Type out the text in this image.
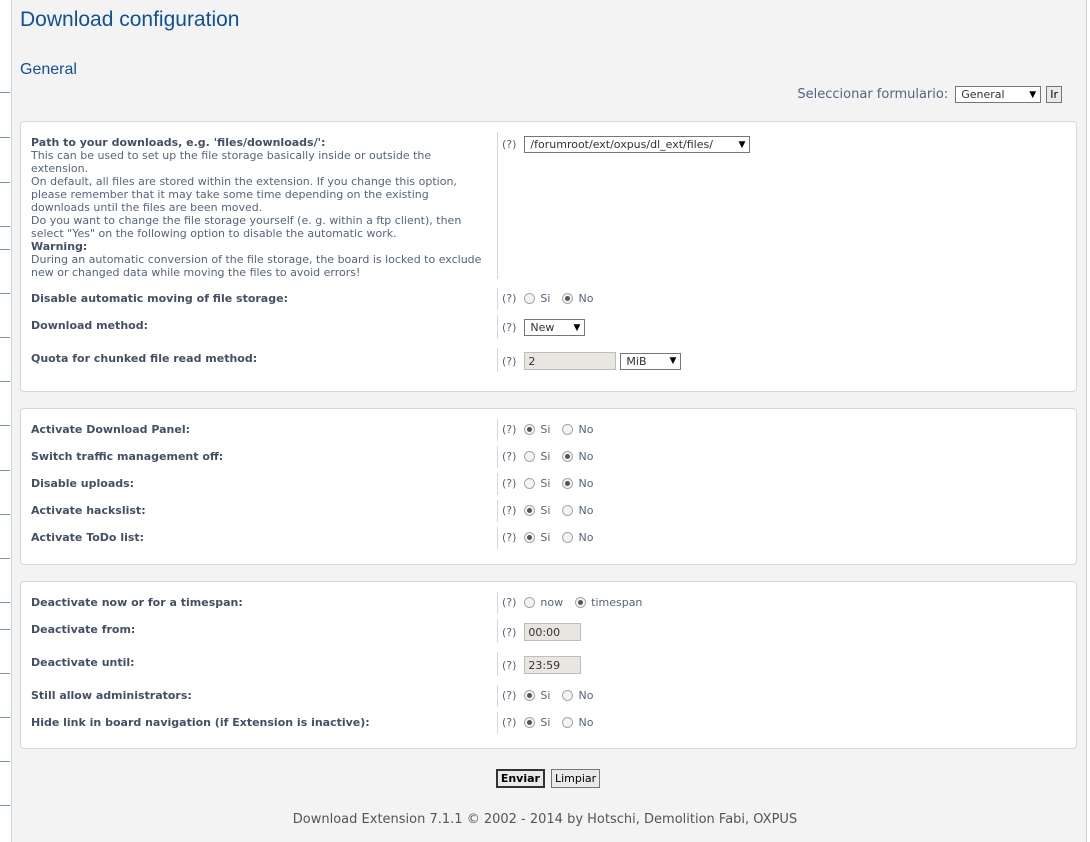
Download configuration
General
Seleccionar formulario: General	▼	Ir
Path to your downloads, e.g. 'files/downloads/':
This can be used to set up the file storage basically inside or outside the extension.
On default, all files are stored within the extension. If you change this option, please remember that it may take some time depending on the existing downloads until the files are been moved.
Do you want to change the file storage yourself (e. g. within a ftp client), then select "Yes" on the following option to disable the automatic work.
Warning:
During an automatic conversion of the file storage, the board is locked to exclude new or changed data while moving the files to avoid errors!
(?) /forumroot/ext/oxpus/dl_ext/files/	▼
Disable automatic moving of file storage:	(?) Si	No
Download method:	(?) New ▼
Quota for chunked file read method:	(?)	2	MiB	▼
Activate Download Panel:	(?) Si	No
Switch traffic management off:	(?) Si	No
Disable uploads:	(?) Si	No
Activate hackslist:	(?) Si	No
Activate ToDo list:	(?) Si	No
Deactivate now or for a timespan:	(?) now	timespan
Deactivate from:	(?)	00:00
Deactivate until:	(?)	23:59
Still allow administrators:	(?) Si	No
Hide link in board navigation (if Extension is inactive):	(?) Si	No
Enviar	Limpiar
Download Extension 7.1.1 © 2002 - 2014 by Hotschi, Demolition Fabi, OXPUS
